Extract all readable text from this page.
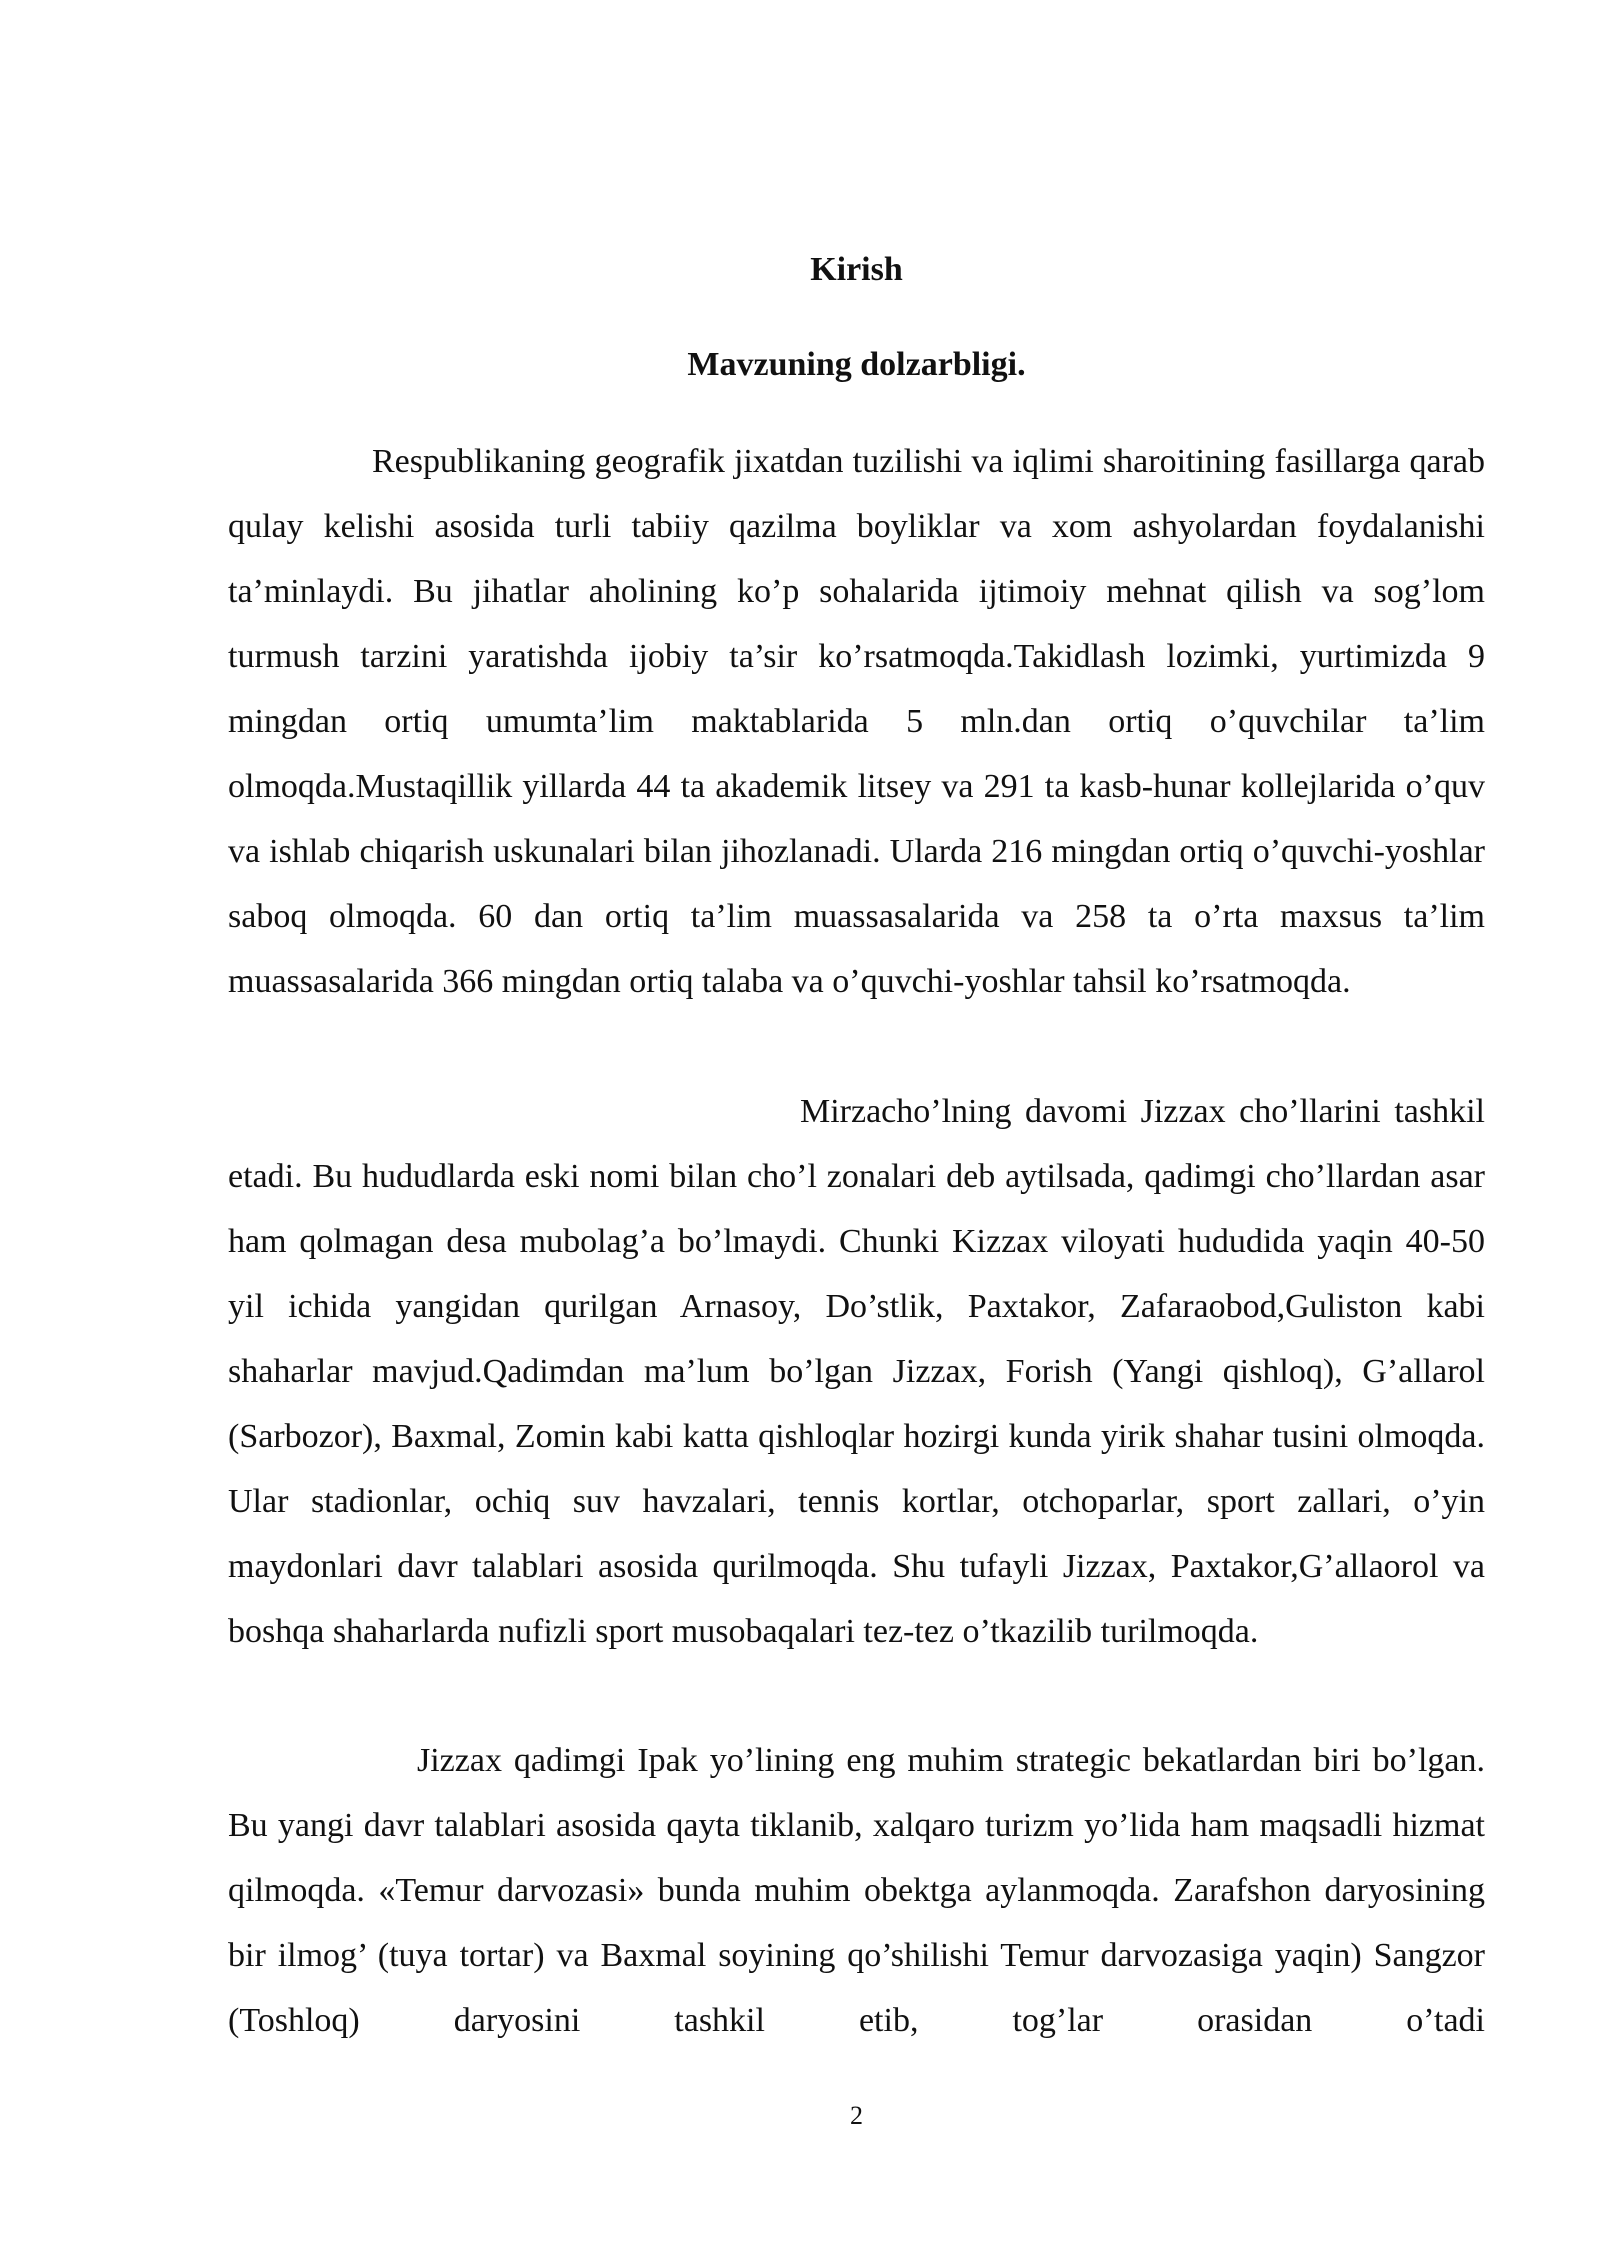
Kirish
Mavzuning dolzarbligi.

Respublikaning geografik jixatdan tuzilishi va iqlimi sharoitining fasillarga qarab qulay kelishi asosida turli tabiiy qazilma boyliklar va xom ashyolardan foydalanishi ta’minlaydi. Bu jihatlar aholining ko’p sohalarida ijtimoiy mehnat qilish va sog’lom turmush tarzini yaratishda ijobiy ta’sir ko’rsatmoqda.Takidlash lozimki, yurtimizda 9 mingdan ortiq umumta’lim maktablarida 5 mln.dan ortiq o’quvchilar ta’lim olmoqda.Mustaqillik yillarda 44 ta akademik litsey va 291 ta kasb-hunar kollejlarida o’quv va ishlab chiqarish uskunalari bilan jihozlanadi. Ularda 216 mingdan ortiq o’quvchi-yoshlar saboq olmoqda. 60 dan ortiq ta’lim muassasalarida va 258 ta o’rta maxsus ta’lim muassasalarida 366 mingdan ortiq talaba va o’quvchi-yoshlar tahsil ko’rsatmoqda.

Mirzacho’lning davomi Jizzax cho’llarini tashkil etadi. Bu hududlarda eski nomi bilan cho’l zonalari deb aytilsada, qadimgi cho’llardan asar ham qolmagan desa mubolag’a bo’lmaydi. Chunki Kizzax viloyati hududida yaqin 40-50 yil ichida yangidan qurilgan Arnasoy, Do’stlik, Paxtakor, Zafaraobod,Guliston kabi shaharlar mavjud.Qadimdan ma’lum bo’lgan Jizzax, Forish (Yangi qishloq), G’allarol (Sarbozor), Baxmal, Zomin kabi katta qishloqlar hozirgi kunda yirik shahar tusini olmoqda. Ular stadionlar, ochiq suv havzalari, tennis kortlar, otchoparlar, sport zallari, o’yin maydonlari davr talablari asosida qurilmoqda. Shu tufayli Jizzax, Paxtakor,G’allaorol va boshqa shaharlarda nufizli sport musobaqalari tez-tez o’tkazilib turilmoqda.

Jizzax qadimgi Ipak yo’lining eng muhim strategic bekatlardan biri bo’lgan. Bu yangi davr talablari asosida qayta tiklanib, xalqaro turizm yo’lida ham maqsadli hizmat qilmoqda. «Temur darvozasi» bunda muhim obektga aylanmoqda. Zarafshon daryosining bir ilmog’ (tuya tortar) va Baxmal soyining qo’shilishi Temur darvozasiga yaqin) Sangzor (Toshloq) daryosini tashkil etib, tog’lar orasidan o’tadi

2
